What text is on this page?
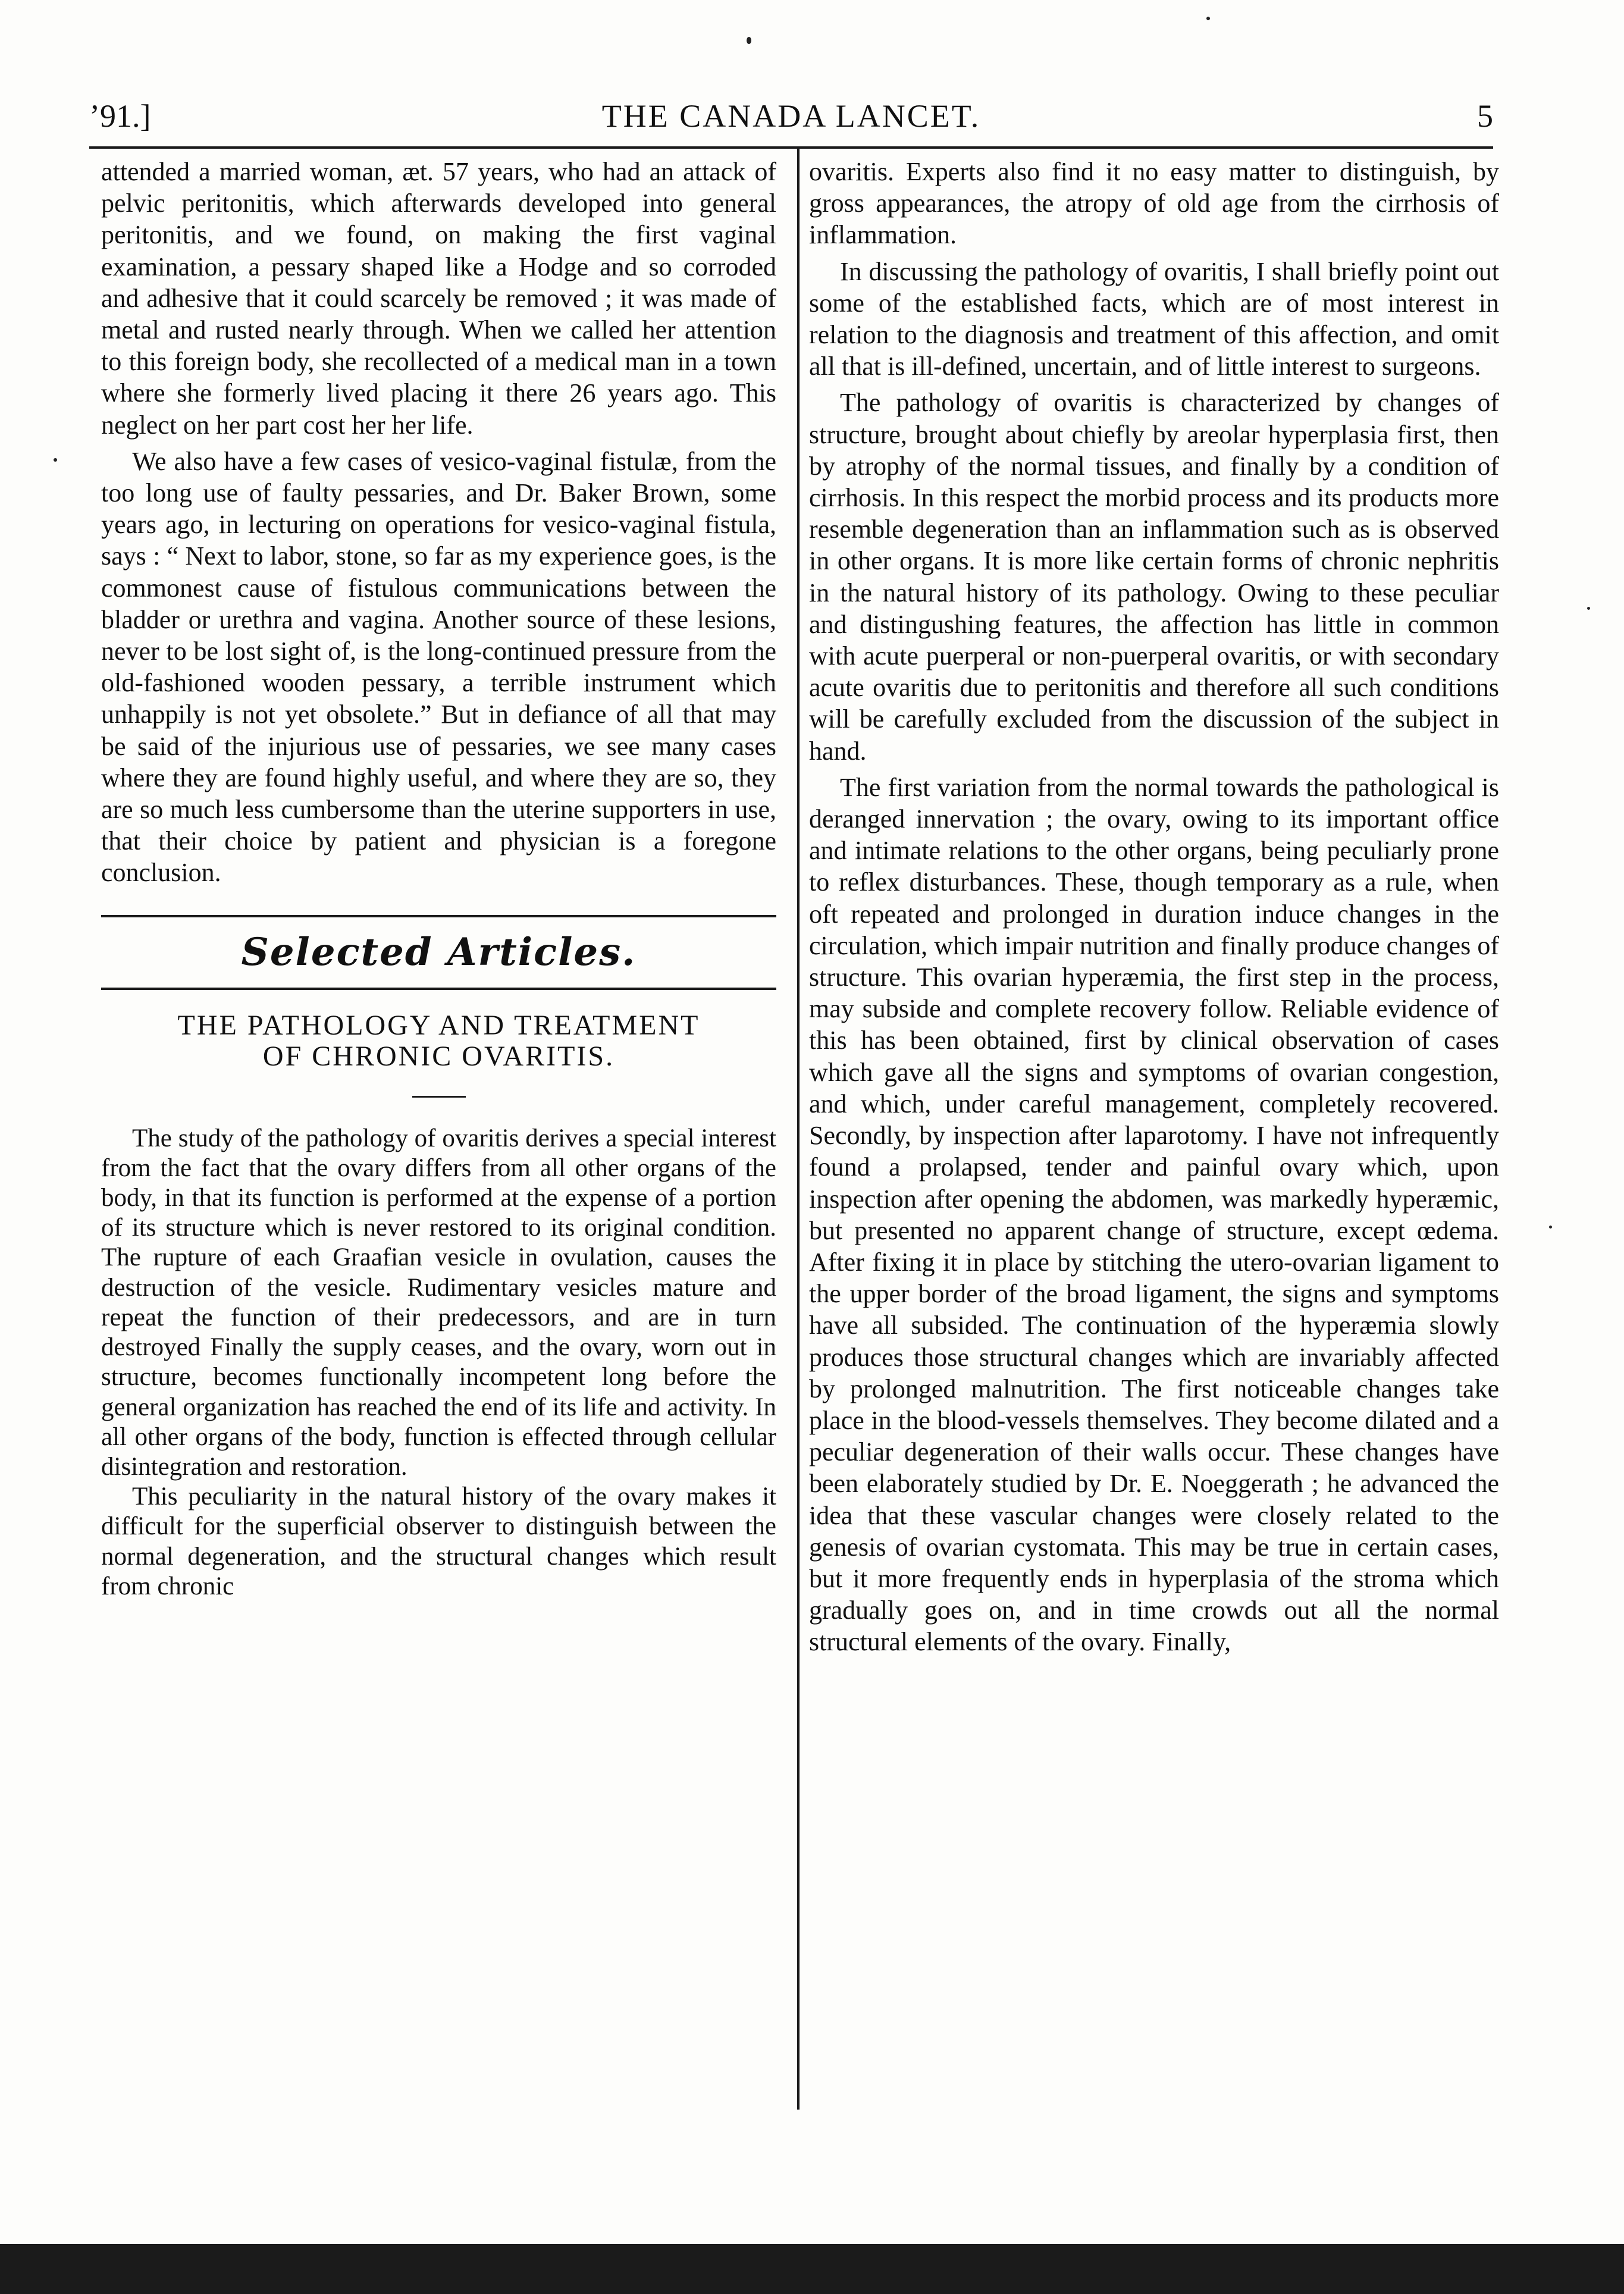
’91.]	THE CANADA LANCET.	5

attended a married woman, æt. 57 years, who had an attack of pelvic peritonitis, which afterwards developed into general peritonitis, and we found, on making the first vaginal examination, a pessary shaped like a Hodge and so corroded and adhesive that it could scarcely be removed ; it was made of metal and rusted nearly through. When we called her attention to this foreign body, she recollected of a medical man in a town where she formerly lived placing it there 26 years ago. This neglect on her part cost her her life.

We also have a few cases of vesico-vaginal fistulæ, from the too long use of faulty pessaries, and Dr. Baker Brown, some years ago, in lecturing on operations for vesico-vaginal fistula, says : “ Next to labor, stone, so far as my experience goes, is the commonest cause of fistulous communications between the bladder or urethra and vagina. Another source of these lesions, never to be lost sight of, is the long-continued pressure from the old-fashioned wooden pessary, a terrible instrument which unhappily is not yet obsolete.” But in defiance of all that may be said of the injurious use of pessaries, we see many cases where they are found highly useful, and where they are so, they are so much less cumbersome than the uterine supporters in use, that their choice by patient and physician is a foregone conclusion.

Selected Articles.
THE PATHOLOGY AND TREATMENT
OF CHRONIC OVARITIS.

The study of the pathology of ovaritis derives a special interest from the fact that the ovary differs from all other organs of the body, in that its function is performed at the expense of a portion of its structure which is never restored to its original condition. The rupture of each Graafian vesicle in ovulation, causes the destruction of the vesicle. Rudimentary vesicles mature and repeat the function of their predecessors, and are in turn destroyed Finally the supply ceases, and the ovary, worn out in structure, becomes functionally incompetent long before the general organization has reached the end of its life and activity. In all other organs of the body, function is effected through cellular disintegration and restoration.

This peculiarity in the natural history of the ovary makes it difficult for the superficial observer to distinguish between the normal degeneration, and the structural changes which result from chronic

ovaritis. Experts also find it no easy matter to distinguish, by gross appearances, the atropy of old age from the cirrhosis of inflammation.

In discussing the pathology of ovaritis, I shall briefly point out some of the established facts, which are of most interest in relation to the diagnosis and treatment of this affection, and omit all that is ill-defined, uncertain, and of little interest to surgeons.

The pathology of ovaritis is characterized by changes of structure, brought about chiefly by areolar hyperplasia first, then by atrophy of the normal tissues, and finally by a condition of cirrhosis. In this respect the morbid process and its products more resemble degeneration than an inflammation such as is observed in other organs. It is more like certain forms of chronic nephritis in the natural history of its pathology. Owing to these peculiar and distingushing features, the affection has little in common with acute puerperal or non-puerperal ovaritis, or with secondary acute ovaritis due to peritonitis and therefore all such conditions will be carefully excluded from the discussion of the subject in hand.

The first variation from the normal towards the pathological is deranged innervation ; the ovary, owing to its important office and intimate relations to the other organs, being peculiarly prone to reflex disturbances. These, though temporary as a rule, when oft repeated and prolonged in duration induce changes in the circulation, which impair nutrition and finally produce changes of structure. This ovarian hyperæmia, the first step in the process, may subside and complete recovery follow. Reliable evidence of this has been obtained, first by clinical observation of cases which gave all the signs and symptoms of ovarian congestion, and which, under careful management, completely recovered. Secondly, by inspection after laparotomy. I have not infrequently found a prolapsed, tender and painful ovary which, upon inspection after opening the abdomen, was markedly hyperæmic, but presented no apparent change of structure, except œdema. After fixing it in place by stitching the utero-ovarian ligament to the upper border of the broad ligament, the signs and symptoms have all subsided. The continuation of the hyperæmia slowly produces those structural changes which are invariably affected by prolonged malnutrition. The first noticeable changes take place in the blood-vessels themselves. They become dilated and a peculiar degeneration of their walls occur. These changes have been elaborately studied by Dr. E. Noeggerath ; he advanced the idea that these vascular changes were closely related to the genesis of ovarian cystomata. This may be true in certain cases, but it more frequently ends in hyperplasia of the stroma which gradually goes on, and in time crowds out all the normal structural elements of the ovary. Finally,
